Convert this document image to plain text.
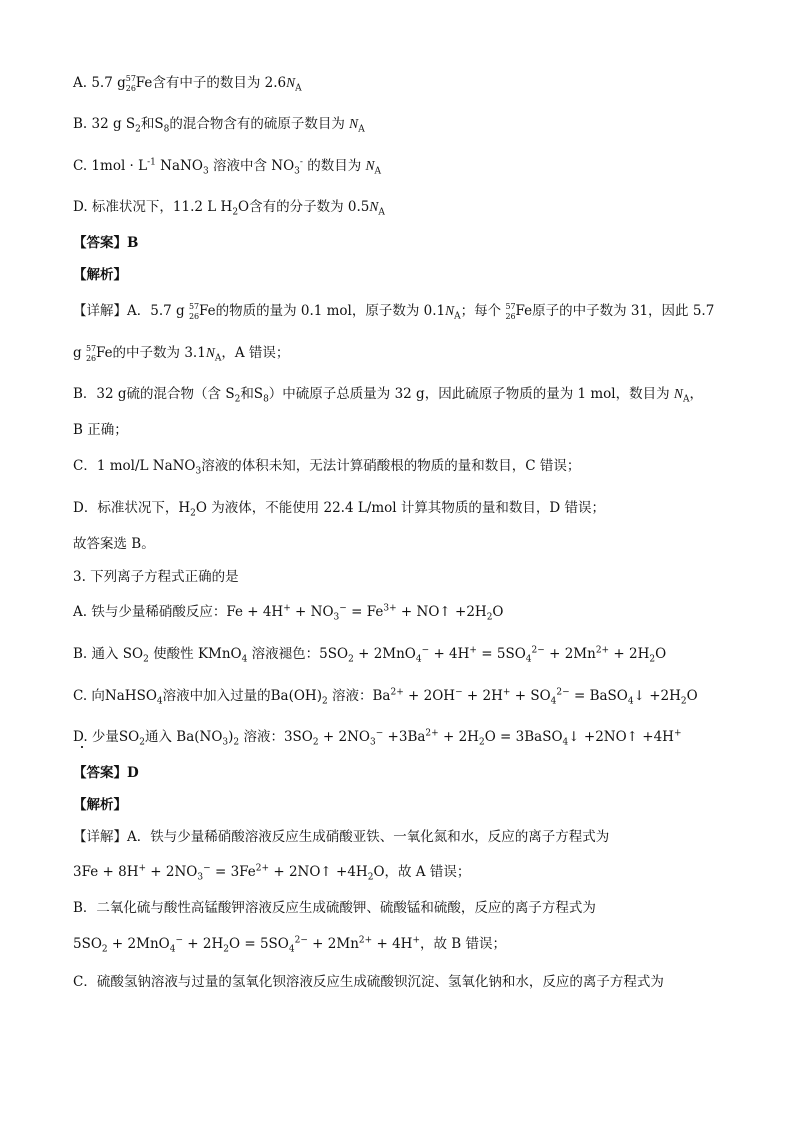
A. 5.7 g 57
26 Fe含有中子的数目为 $2.6N_A$
B. 32 g $S_2$和$S_8$的混合物含有的硫原子数目为 $N_A$
C. $1mol \cdot L^{-1}$ NaNO$_3$ 溶液中含 $NO_3^-$ 的数目为 $N_A$
D. 标准状况下，11.2 L $H_2O$含有的分子数为 $0.5N_A$
【答案】B
【解析】
【详解】A．5.7 g 57
26 Fe的物质的量为 0.1 mol，原子数为 $0.1N_A$；每个 57
26 Fe原子的中子数为 31，因此 5.7
g 57
26 Fe的中子数为 $3.1N_A$，A 错误；
B．32 g硫的混合物（含 $S_2$和$S_8$）中硫原子总质量为 32 g，因此硫原子物质的量为 1 mol，数目为 $N_A$，
B 正确；
C．1 mol/L NaNO$_3$溶液的体积未知，无法计算硝酸根的物质的量和数目，C 错误；
D．标准状况下，$H_2O$ 为液体，不能使用 22.4 L/mol 计算其物质的量和数目，D 错误；
故答案选 B。
3. 下列离子方程式正确的是
A. 铁与少量稀硝酸反应：$Fe + 4H^+ + NO_3^- = Fe^{3+}$ + NO↑ $+2H_2O$
B. 通入 $SO_2$ 使酸性 KMnO$_4$ 溶液褪色：$5SO_2 + 2MnO_4^- + 4H^+ = 5SO_4^{2-} + 2Mn^{2+} + 2H_2O$
C. 向NaHSO$_4$溶液中加入过量的$Ba(OH)_2$ 溶液：$Ba^{2+} + 2OH^- + 2H^+ + SO_4^{2-}$ = BaSO$_4$↓ $+2H_2O$
D. 少量$SO_2$通入 $Ba(NO_3)_2$ 溶液：$3SO_2 + 2NO_3^- +3Ba^{2+} + 2H_2O$ = 3BaSO$_4$↓ +2NO↑ +4H+
【答案】D
【解析】
【详解】A．铁与少量稀硝酸溶液反应生成硝酸亚铁、一氧化氮和水，反应的离子方程式为
$3Fe + 8H^+ + 2NO_3^- = 3Fe^{2+}$ + 2NO↑ $+4H_2O$，故 A 错误；
B．二氧化硫与酸性高锰酸钾溶液反应生成硫酸钾、硫酸锰和硫酸，反应的离子方程式为
$5SO_2 + 2MnO_4^- + 2H_2O = 5SO_4^{2-} + 2Mn^{2+} + 4H^+$，故 B 错误；
C．硫酸氢钠溶液与过量的氢氧化钡溶液反应生成硫酸钡沉淀、氢氧化钠和水，反应的离子方程式为
